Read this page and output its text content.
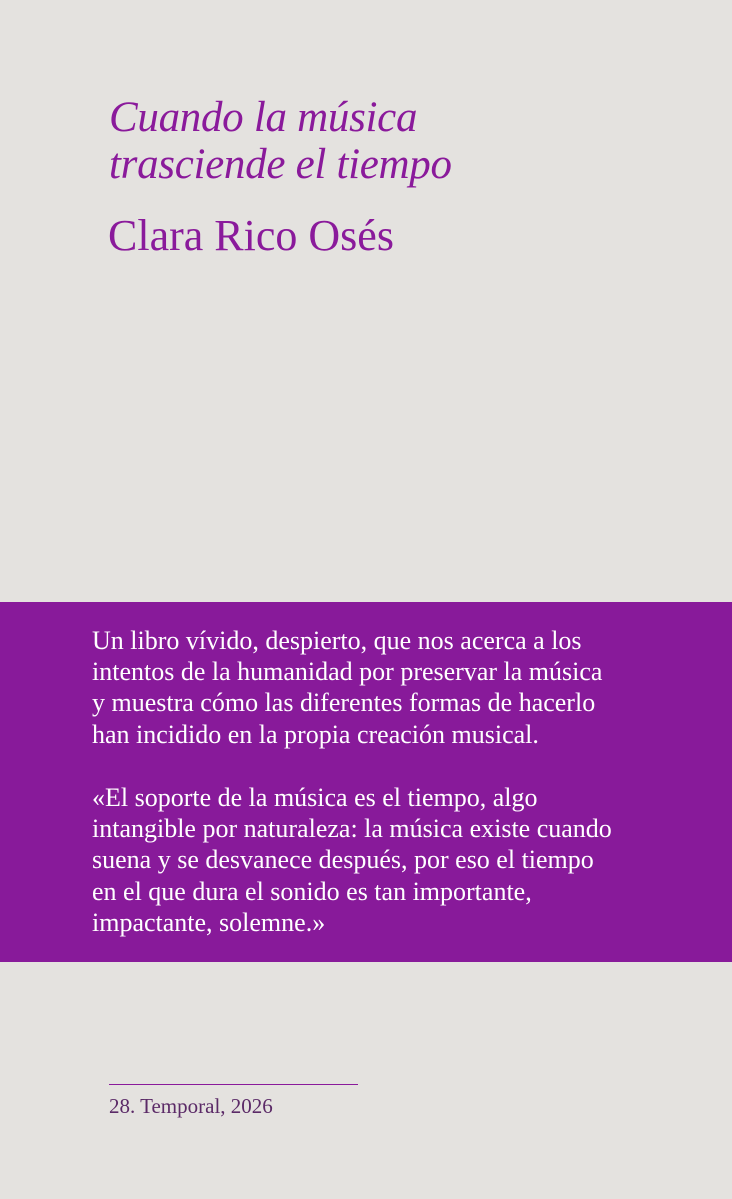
Cuando la música
trasciende el tiempo
Clara Rico Osés

Un libro vívido, despierto, que nos acerca a los
intentos de la humanidad por preservar la música
y muestra cómo las diferentes formas de hacerlo
han incidido en la propia creación musical.

«El soporte de la música es el tiempo, algo
intangible por naturaleza: la música existe cuando
suena y se desvanece después, por eso el tiempo
en el que dura el sonido es tan importante,
impactante, solemne.»
28. Temporal, 2026
